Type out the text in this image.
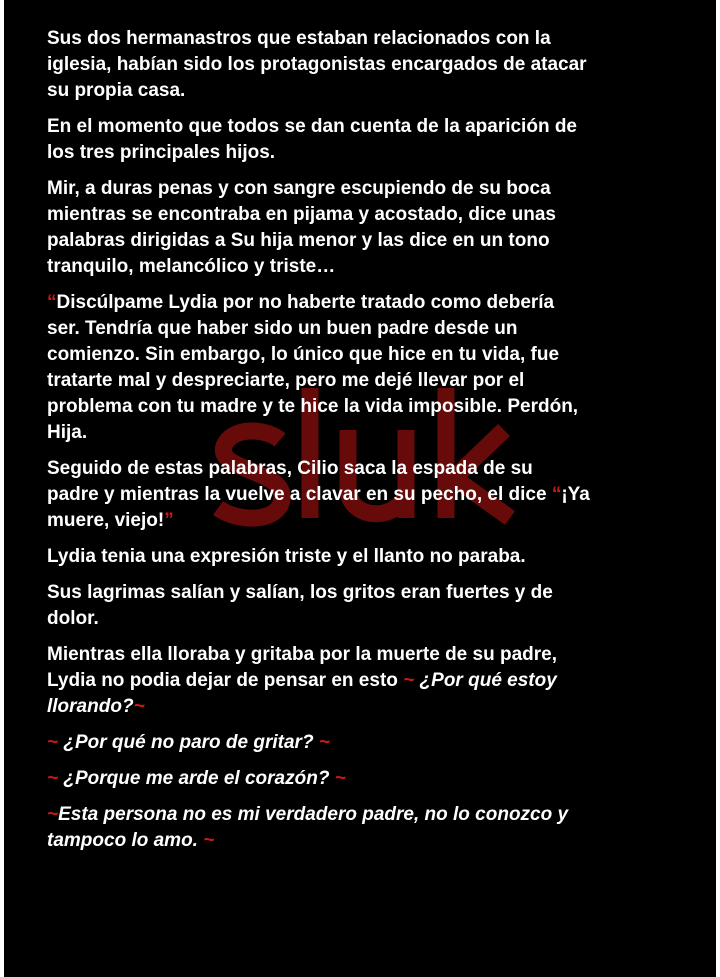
Sus dos hermanastros que estaban relacionados con la
iglesia, habían sido los protagonistas encargados de atacar
su propia casa.
En el momento que todos se dan cuenta de la aparición de
los tres principales hijos.
Mir, a duras penas y con sangre escupiendo de su boca
mientras se encontraba en pijama y acostado, dice unas
palabras dirigidas a Su hija menor y las dice en un tono
tranquilo, melancólico y triste…
“Discúlpame Lydia por no haberte tratado como debería
ser. Tendría que haber sido un buen padre desde un
comienzo. Sin embargo, lo único que hice en tu vida, fue
tratarte mal y despreciarte, pero me dejé llevar por el
problema con tu madre y te hice la vida imposible. Perdón,
Hija.
Seguido de estas palabras, Cilio saca la espada de su
padre y mientras la vuelve a clavar en su pecho, el dice “¡Ya
muere, viejo!”
Lydia tenia una expresión triste y el llanto no paraba.
Sus lagrimas salían y salían, los gritos eran fuertes y de
dolor.
Mientras ella lloraba y gritaba por la muerte de su padre,
Lydia no podia dejar de pensar en esto ~ ¿Por qué estoy
llorando?~
~ ¿Por qué no paro de gritar? ~
~ ¿Porque me arde el corazón? ~
~Esta persona no es mi verdadero padre, no lo conozco y
tampoco lo amo. ~
